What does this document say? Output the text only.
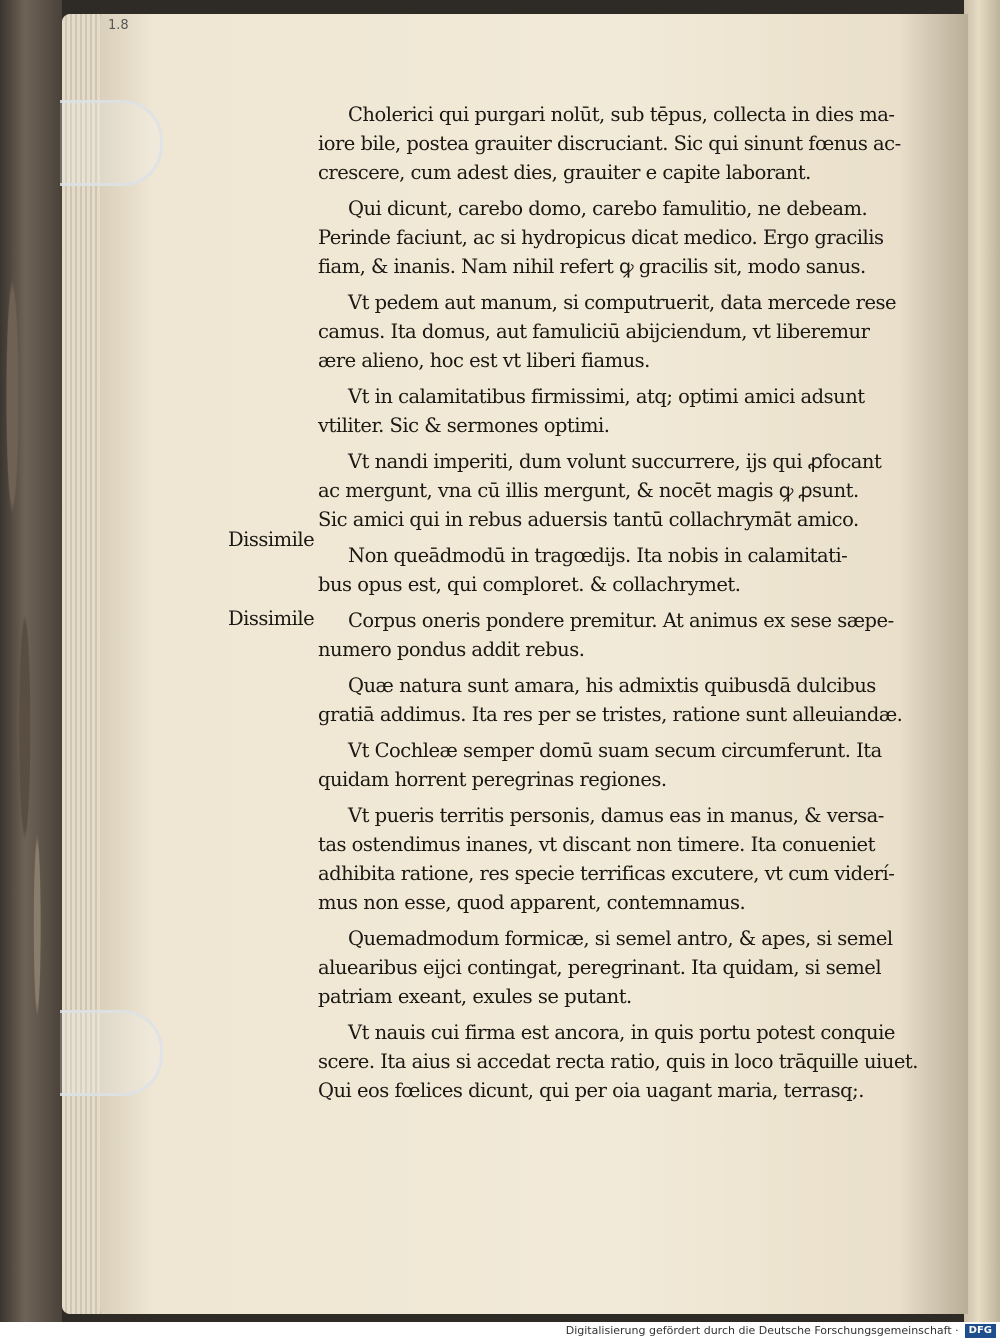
1.8
Cholerici qui purgari nolūt, sub tēpus, collecta in dies ma-
iore bile, postea grauiter discruciant. Sic qui sinunt fœnus ac-
crescere, cum adest dies, grauiter e capite laborant.
Qui dicunt, carebo domo, carebo famulitio, ne debeam.
Perinde faciunt, ac si hydropicus dicat medico. Ergo gracilis
fiam, & inanis. Nam nihil refert ꝙ gracilis sit, modo sanus.
Vt pedem aut manum, si computruerit, data mercede rese
camus. Ita domus, aut famuliciū abijciendum, vt liberemur
ære alieno, hoc est vt liberi fiamus.
Vt in calamitatibus firmissimi, atq; optimi amici adsunt
vtiliter. Sic & sermones optimi.
Vt nandi imperiti, dum volunt succurrere, ijs qui ꝓfocant
ac mergunt, vna cū illis mergunt, & nocēt magis ꝙ ꝓsunt.
Sic amici qui in rebus aduersis tantū collachrymāt amico.
Non queādmodū in tragœdijs. Ita nobis in calamitati-
bus opus est, qui comploret. & collachrymet.
Corpus oneris pondere premitur. At animus ex sese sæpe-
numero pondus addit rebus.
Quæ natura sunt amara, his admixtis quibusdā dulcibus
gratiā addimus. Ita res per se tristes, ratione sunt alleuiandæ.
Vt Cochleæ semper domū suam secum circumferunt. Ita
quidam horrent peregrinas regiones.
Vt pueris territis personis, damus eas in manus, & versa-
tas ostendimus inanes, vt discant non timere. Ita conueniet
adhibita ratione, res specie terrificas excutere, vt cum viderí-
mus non esse, quod apparent, contemnamus.
Quemadmodum formicæ, si semel antro, & apes, si semel
aluearibus eijci contingat, peregrinant. Ita quidam, si semel
patriam exeant, exules se putant.
Vt nauis cui firma est ancora, in quis portu potest conquie
scere. Ita aius si accedat recta ratio, quis in loco trāquille uiuet.
Qui eos fœlices dicunt, qui per oia uagant maria, terrasq;.
Dissimile
Dissimile
Digitalisierung gefördert durch die Deutsche Forschungsgemeinschaft · DFG
